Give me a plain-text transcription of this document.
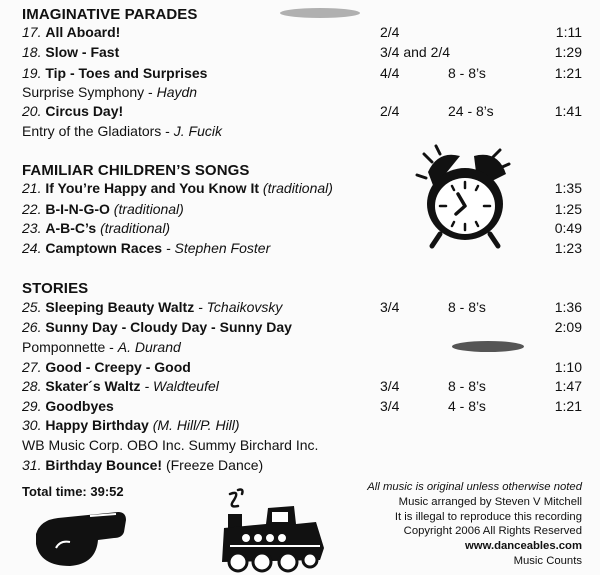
IMAGINATIVE PARADES
17. All Aboard!	2/4	1:11
18. Slow - Fast	3/4 and 2/4	1:29
19. Tip - Toes and Surprises	4/4	8 - 8’s	1:21
Surprise Symphony - Haydn
20. Circus Day!	2/4	24 - 8’s	1:41
Entry of the Gladiators - J. Fucik
FAMILIAR CHILDREN’S SONGS
21. If You’re Happy and You Know It (traditional)	1:35
22. B-I-N-G-O (traditional)	1:25
23. A-B-C’s (traditional)	0:49
24. Camptown Races - Stephen Foster	1:23
STORIES
25. Sleeping Beauty Waltz - Tchaikovsky	3/4	8 - 8’s	1:36
26. Sunny Day - Cloudy Day - Sunny Day	2:09
Pomponnette - A. Durand
27. Good - Creepy - Good	1:10
28. Skater´s Waltz - Waldteufel	3/4	8 - 8’s	1:47
29. Goodbyes	3/4	4 - 8’s	1:21
30. Happy Birthday (M. Hill/P. Hill)
WB Music Corp. OBO Inc. Summy Birchard Inc.
31. Birthday Bounce! (Freeze Dance)
Total time: 39:52	All music is original unless otherwise noted
Music arranged by Steven V Mitchell
It is illegal to reproduce this recording
Copyright 2006 All Rights Reserved
www.danceables.com
Music Counts
